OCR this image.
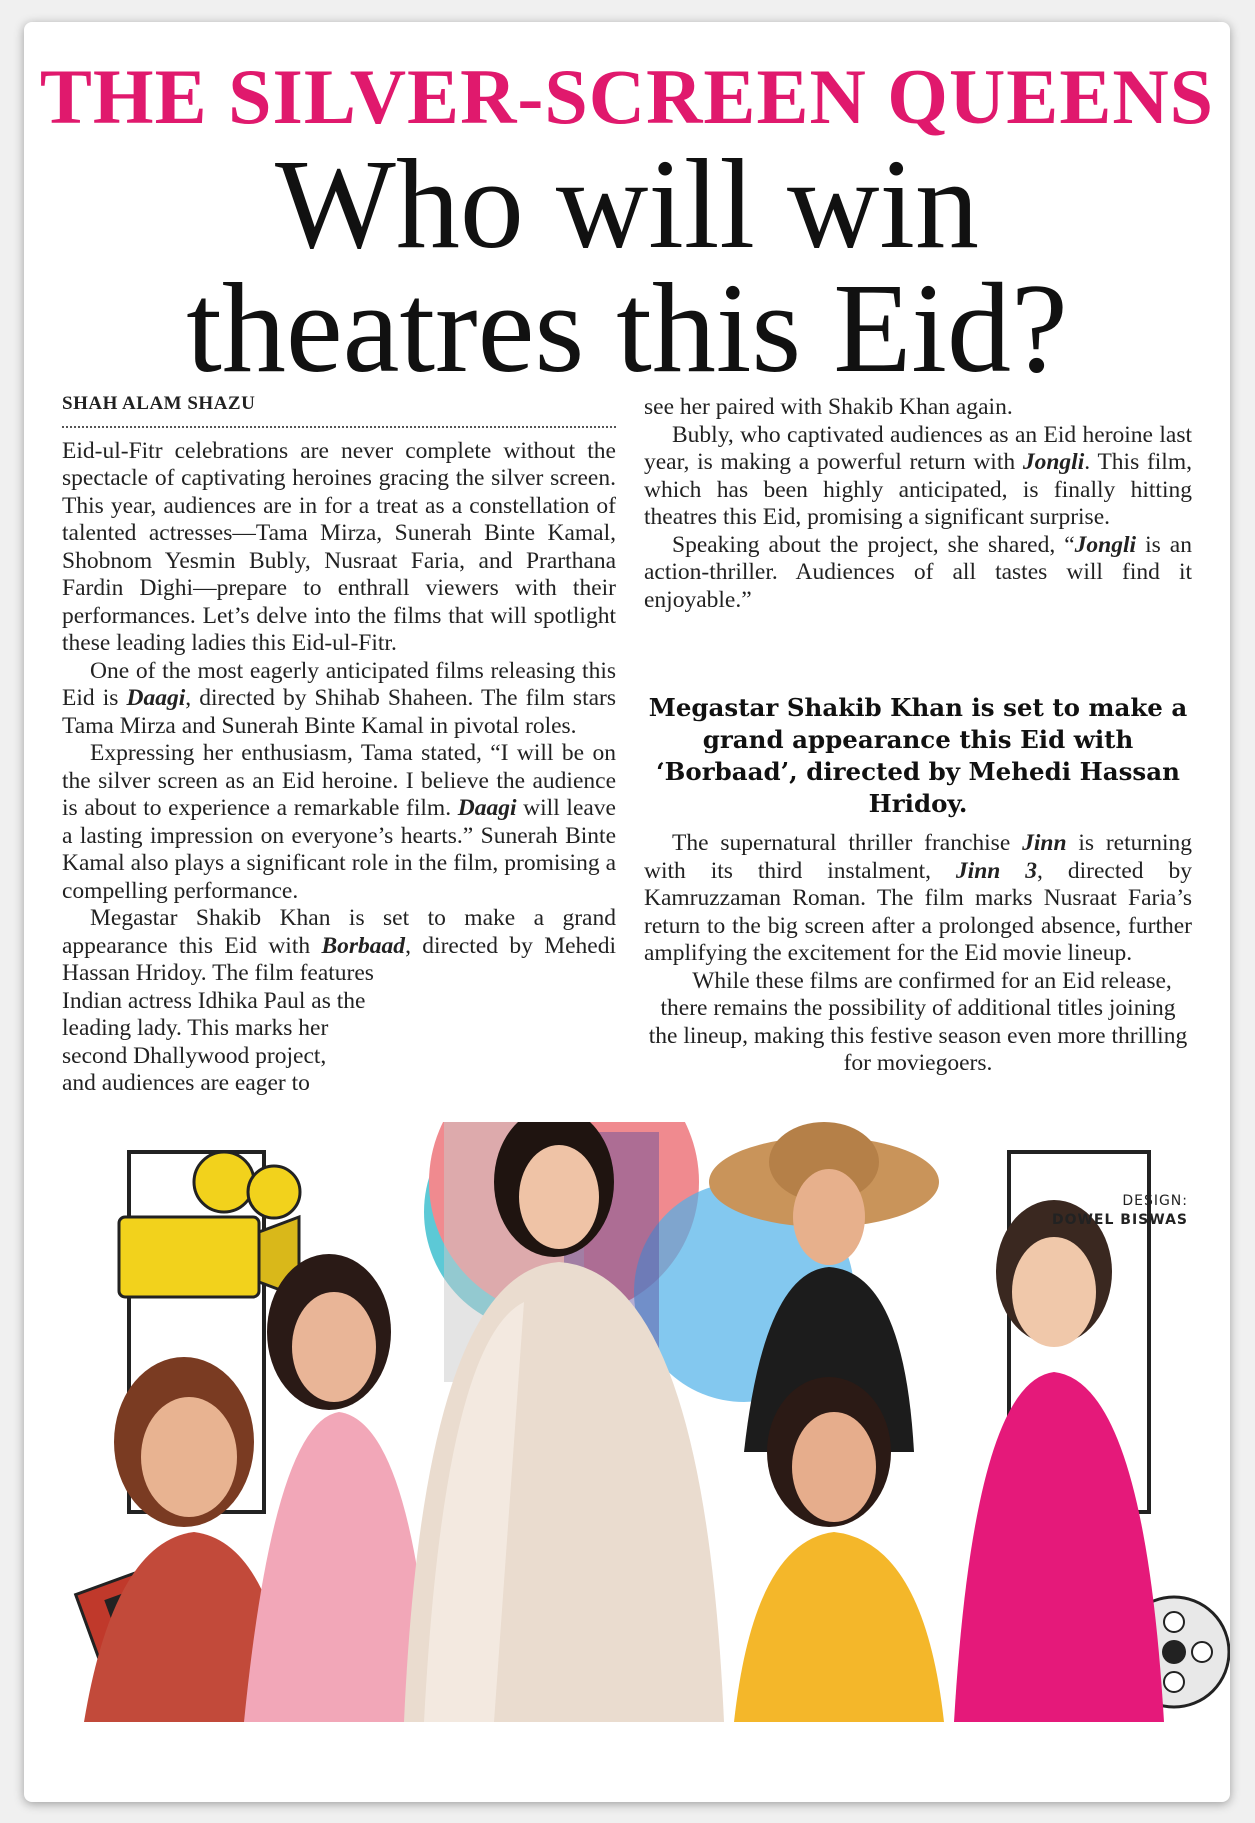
THE SILVER-SCREEN QUEENS
Who will win
theatres this Eid?
SHAH ALAM SHAZU

Eid-ul-Fitr celebrations are never complete without the spectacle of captivating heroines gracing the silver screen. This year, audiences are in for a treat as a constellation of talented actresses—Tama Mirza, Sunerah Binte Kamal, Shobnom Yesmin Bubly, Nusraat Faria, and Prarthana Fardin Dighi—prepare to enthrall viewers with their performances. Let’s delve into the films that will spotlight these leading ladies this Eid-ul-Fitr.

One of the most eagerly anticipated films releasing this Eid is Daagi, directed by Shihab Shaheen. The film stars Tama Mirza and Sunerah Binte Kamal in pivotal roles.

Expressing her enthusiasm, Tama stated, “I will be on the silver screen as an Eid heroine. I believe the audience is about to experience a remarkable film. Daagi will leave a lasting impression on everyone’s hearts.” Sunerah Binte Kamal also plays a significant role in the film, promising a compelling performance.

Megastar Shakib Khan is set to make a grand appearance this Eid with Borbaad, directed by Mehedi Hassan Hridoy. The film features

Indian actress Idhika Paul as the
leading lady. This marks her
second Dhallywood project,
and audiences are eager to

see her paired with Shakib Khan again.

Bubly, who captivated audiences as an Eid heroine last year, is making a powerful return with Jongli. This film, which has been highly anticipated, is finally hitting theatres this Eid, promising a significant surprise.

Speaking about the project, she shared, “Jongli is an action-thriller. Audiences of all tastes will find it enjoyable.”

Megastar Shakib Khan is set to make a grand appearance this Eid with ‘Borbaad’, directed by Mehedi Hassan Hridoy.

The supernatural thriller franchise Jinn is returning with its third instalment, Jinn 3, directed by Kamruzzaman Roman. The film marks Nusraat Faria’s return to the big screen after a prolonged absence, further amplifying the excitement for the Eid movie lineup.

While these films are confirmed for an Eid release, there remains the possibility of additional titles joining the lineup, making this festive season even more thrilling for moviegoers.

DESIGN:
DOWEL BISWAS
